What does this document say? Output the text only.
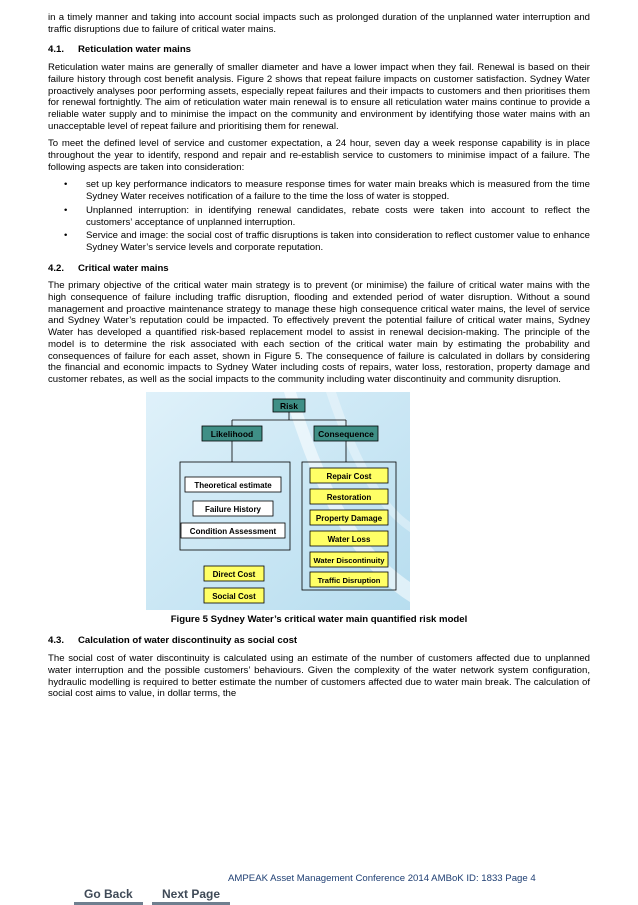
in a timely manner and taking into account social impacts such as prolonged duration of the unplanned water interruption and traffic disruptions due to failure of critical water mains.

4.1. Reticulation water mains

Reticulation water mains are generally of smaller diameter and have a lower impact when they fail. Renewal is based on their failure history through cost benefit analysis. Figure 2 shows that repeat failure impacts on customer satisfaction. Sydney Water proactively analyses poor performing assets, especially repeat failures and their impacts to customers and then prioritises them for renewal fortnightly. The aim of reticulation water main renewal is to ensure all reticulation water mains continue to provide a reliable water supply and to minimise the impact on the community and environment by identifying those water mains with an unacceptable level of repeat failure and prioritising them for renewal.

To meet the defined level of service and customer expectation, a 24 hour, seven day a week response capability is in place throughout the year to identify, respond and repair and re-establish service to customers to minimise impact of a failure. The following aspects are taken into consideration:

• set up key performance indicators to measure response times for water main breaks which is measured from the time Sydney Water receives notification of a failure to the time the loss of water is stopped.
• Unplanned interruption: in identifying renewal candidates, rebate costs were taken into account to reflect the customers’ acceptance of unplanned interruption.
• Service and image: the social cost of traffic disruptions is taken into consideration to reflect customer value to enhance Sydney Water’s service levels and corporate reputation.
4.2. Critical water mains

The primary objective of the critical water main strategy is to prevent (or minimise) the failure of critical water mains with the high consequence of failure including traffic disruption, flooding and extended period of water disruption. Without a sound management and proactive maintenance strategy to manage these high consequence critical water mains, the level of service and Sydney Water’s reputation could be impacted. To effectively prevent the potential failure of critical water mains, Sydney Water has developed a quantified risk-based replacement model to assist in renewal decision-making. The principle of the model is to determine the risk associated with each section of the critical water main by estimating the probability and consequences of failure for each asset, shown in Figure 5. The consequence of failure is calculated in dollars by considering the financial and economic impacts to Sydney Water including costs of repairs, water loss, restoration, property damage and customer rebates, as well as the social impacts to the community including water discontinuity and community disruption.

Risk
Likelihood	Consequence
Theoretical estimate
Failure History
Condition Assessment
Direct Cost
Social Cost
Repair Cost
Restoration
Property Damage
Water Loss
Water Discontinuity
Traffic Disruption
Figure 5 Sydney Water’s critical water main quantified risk model
4.3. Calculation of water discontinuity as social cost

The social cost of water discontinuity is calculated using an estimate of the number of customers affected due to unplanned water interruption and the possible customers’ behaviours. Given the complexity of the water network system configuration, hydraulic modelling is required to better estimate the number of customers affected due to water main break. The calculation of social cost aims to value, in dollar terms, the

AMPEAK Asset Management Conference 2014 AMBoK ID: 1833 Page 4
Go Back	Next Page
